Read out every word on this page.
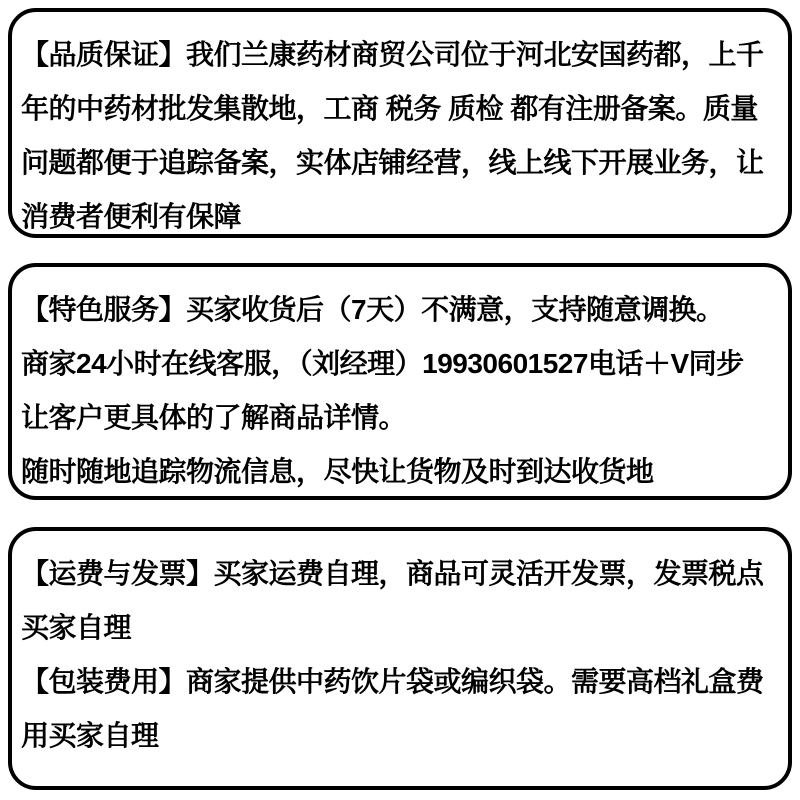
【品质保证】我们兰康药材商贸公司位于河北安国药都，上千
年的中药材批发集散地，工商 税务 质检 都有注册备案。质量
问题都便于追踪备案，实体店铺经营，线上线下开展业务，让
消费者便利有保障
【特色服务】买家收货后（7天）不满意，支持随意调换。
商家24小时在线客服，（刘经理）19930601527电话＋V同步
让客户更具体的了解商品详情。
随时随地追踪物流信息，尽快让货物及时到达收货地
【运费与发票】买家运费自理，商品可灵活开发票，发票税点
买家自理
【包装费用】商家提供中药饮片袋或编织袋。需要高档礼盒费
用买家自理
